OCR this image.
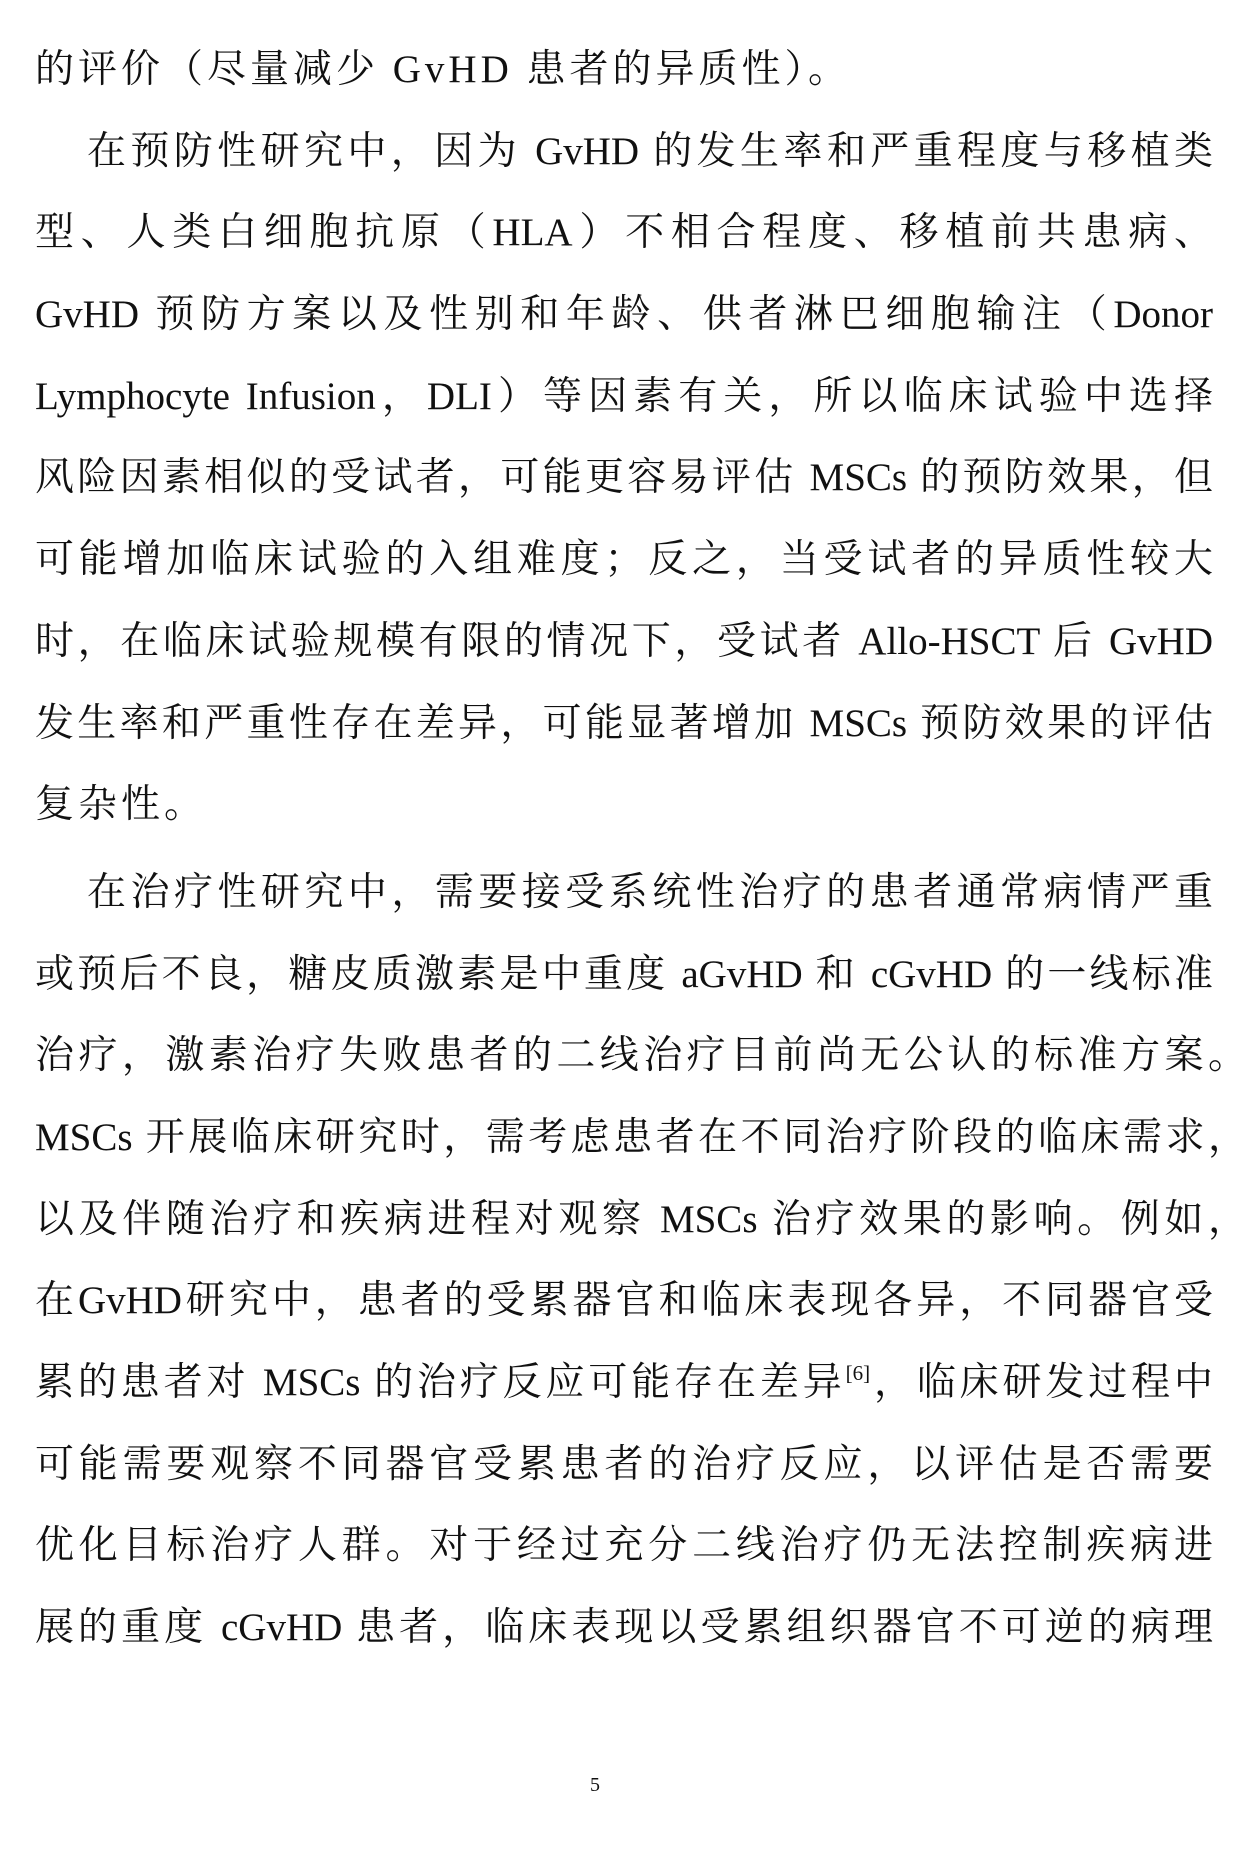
的评价（尽量减少 GvHD 患者的异质性）。
在预防性研究中，因为 GvHD 的发生率和严重程度与移植类
型、人类白细胞抗原（HLA）不相合程度、移植前共患病、
GvHD 预防方案以及性别和年龄、供者淋巴细胞输注（Donor
Lymphocyte Infusion，DLI）等因素有关，所以临床试验中选择
风险因素相似的受试者，可能更容易评估 MSCs 的预防效果，但
可能增加临床试验的入组难度；反之，当受试者的异质性较大
时，在临床试验规模有限的情况下，受试者 Allo-HSCT 后 GvHD
发生率和严重性存在差异，可能显著增加 MSCs 预防效果的评估
复杂性。
在治疗性研究中，需要接受系统性治疗的患者通常病情严重
或预后不良，糖皮质激素是中重度 aGvHD 和 cGvHD 的一线标准
治疗，激素治疗失败患者的二线治疗目前尚无公认的标准方案。
MSCs 开展临床研究时，需考虑患者在不同治疗阶段的临床需求，
以及伴随治疗和疾病进程对观察 MSCs 治疗效果的影响。例如，
在GvHD研究中，患者的受累器官和临床表现各异，不同器官受
累的患者对 MSCs 的治疗反应可能存在差异[6]，临床研发过程中
可能需要观察不同器官受累患者的治疗反应，以评估是否需要
优化目标治疗人群。对于经过充分二线治疗仍无法控制疾病进
展的重度 cGvHD 患者，临床表现以受累组织器官不可逆的病理
5
